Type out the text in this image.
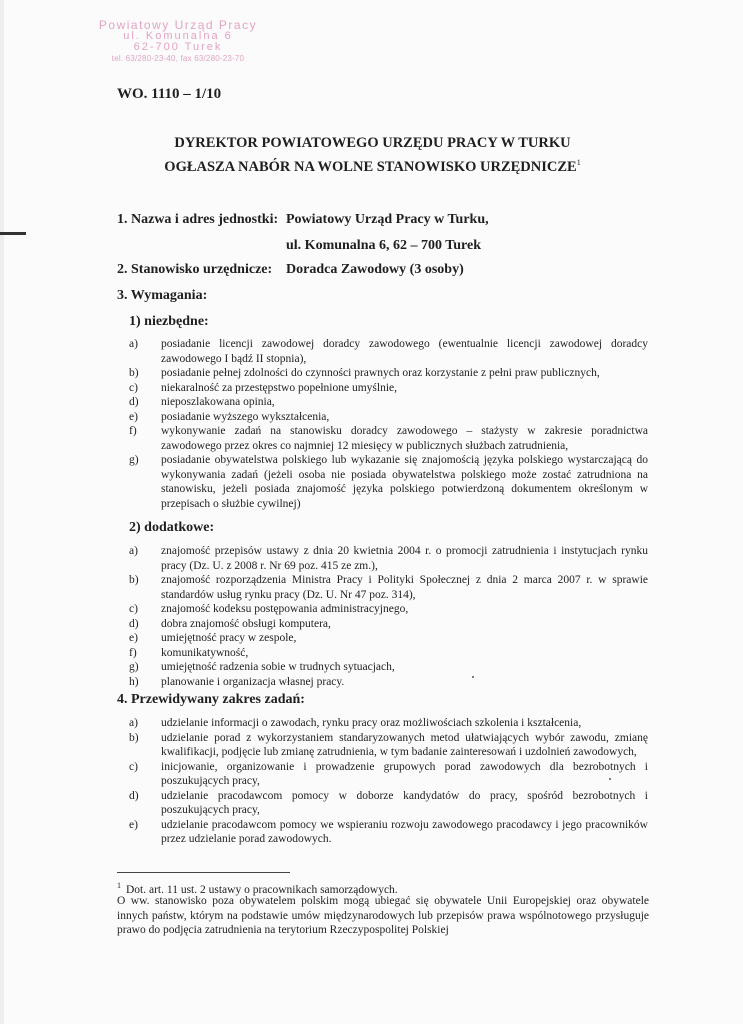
Powiatowy Urząd Pracy
ul. Komunalna 6
62-700 Turek
tel. 63/280-23-40, fax 63/280-23-70
WO. 1110 – 1/10
DYREKTOR POWIATOWEGO URZĘDU PRACY W TURKU
OGŁASZA NABÓR NA WOLNE STANOWISKO URZĘDNICZE$^1$
1. Nazwa i adres jednostki: Powiatowy Urząd Pracy w Turku,
ul. Komunalna 6, 62 – 700 Turek
2. Stanowisko urzędnicze: Doradca Zawodowy (3 osoby)
3. Wymagania:
1) niezbędne:
a) posiadanie licencji zawodowej doradcy zawodowego (ewentualnie licencji zawodowej doradcy zawodowego I bądź II stopnia),
b) posiadanie pełnej zdolności do czynności prawnych oraz korzystanie z pełni praw publicznych,
c) niekaralność za przestępstwo popełnione umyślnie,
d) nieposzlakowana opinia,
e) posiadanie wyższego wykształcenia,
f) wykonywanie zadań na stanowisku doradcy zawodowego – stażysty w zakresie poradnictwa zawodowego przez okres co najmniej 12 miesięcy w publicznych służbach zatrudnienia,
g) posiadanie obywatelstwa polskiego lub wykazanie się znajomością języka polskiego wystarczającą do wykonywania zadań (jeżeli osoba nie posiada obywatelstwa polskiego może zostać zatrudniona na stanowisku, jeżeli posiada znajomość języka polskiego potwierdzoną dokumentem określonym w przepisach o służbie cywilnej)
2) dodatkowe:
a) znajomość przepisów ustawy z dnia 20 kwietnia 2004 r. o promocji zatrudnienia i instytucjach rynku pracy (Dz. U. z 2008 r. Nr 69 poz. 415 ze zm.),
b) znajomość rozporządzenia Ministra Pracy i Polityki Społecznej z dnia 2 marca 2007 r. w sprawie standardów usług rynku pracy (Dz. U. Nr 47 poz. 314),
c) znajomość kodeksu postępowania administracyjnego,
d) dobra znajomość obsługi komputera,
e) umiejętność pracy w zespole,
f) komunikatywność,
g) umiejętność radzenia sobie w trudnych sytuacjach,
h) planowanie i organizacja własnej pracy.
4. Przewidywany zakres zadań:
a) udzielanie informacji o zawodach, rynku pracy oraz możliwościach szkolenia i kształcenia,
b) udzielanie porad z wykorzystaniem standaryzowanych metod ułatwiających wybór zawodu, zmianę kwalifikacji, podjęcie lub zmianę zatrudnienia, w tym badanie zainteresowań i uzdolnień zawodowych,
c) inicjowanie, organizowanie i prowadzenie grupowych porad zawodowych dla bezrobotnych i poszukujących pracy,
d) udzielanie pracodawcom pomocy w doborze kandydatów do pracy, spośród bezrobotnych i poszukujących pracy,
e) udzielanie pracodawcom pomocy we wspieraniu rozwoju zawodowego pracodawcy i jego pracowników przez udzielanie porad zawodowych.
$^1$ Dot. art. 11 ust. 2 ustawy o pracownikach samorządowych.
O ww. stanowisko poza obywatelem polskim mogą ubiegać się obywatele Unii Europejskiej oraz obywatele innych państw, którym na podstawie umów międzynarodowych lub przepisów prawa wspólnotowego przysługuje prawo do podjęcia zatrudnienia na terytorium Rzeczypospolitej Polskiej
